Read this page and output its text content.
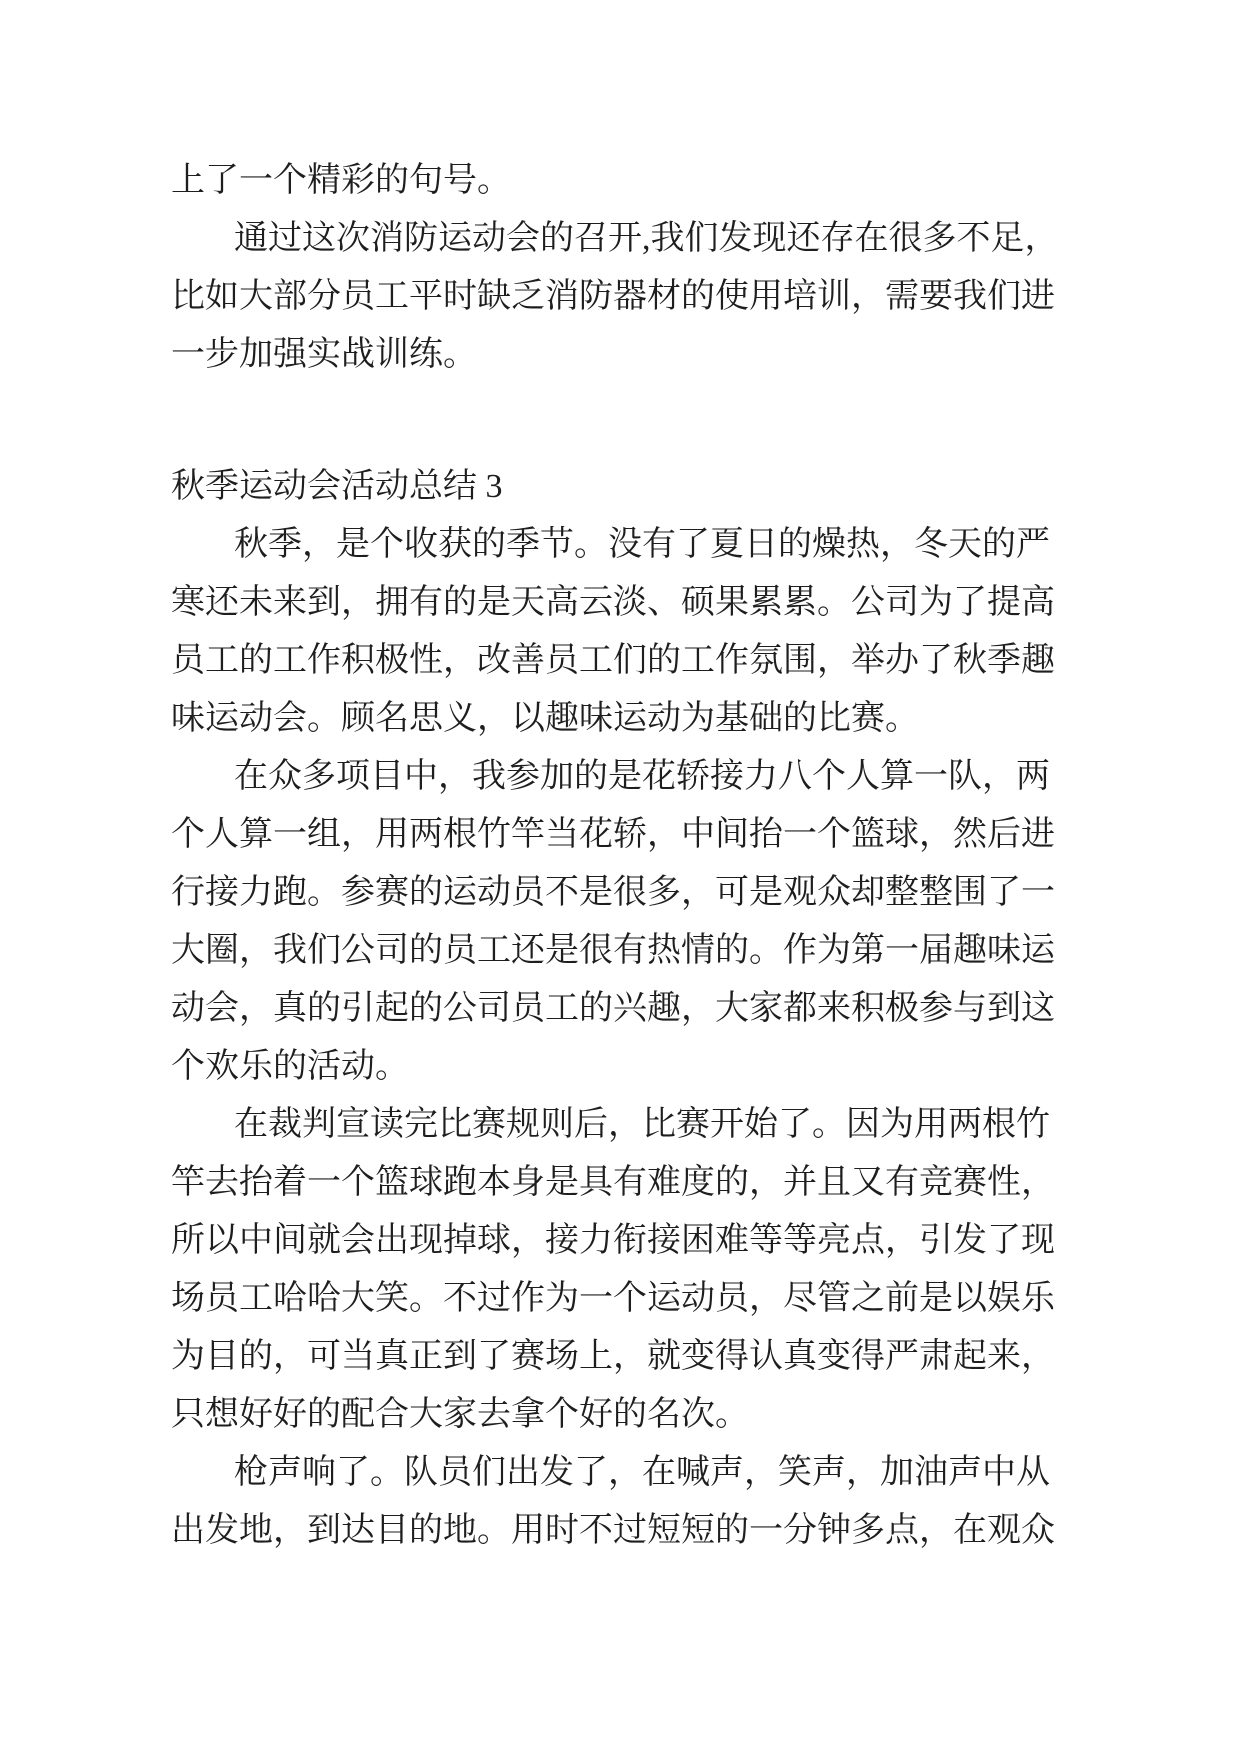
上了一个精彩的句号。
通过这次消防运动会的召开,我们发现还存在很多不足，
比如大部分员工平时缺乏消防器材的使用培训，需要我们进
一步加强实战训练。
秋季运动会活动总结 3
秋季，是个收获的季节。没有了夏日的燥热，冬天的严
寒还未来到，拥有的是天高云淡、硕果累累。公司为了提高
员工的工作积极性，改善员工们的工作氛围，举办了秋季趣
味运动会。顾名思义，以趣味运动为基础的比赛。
在众多项目中，我参加的是花轿接力八个人算一队，两
个人算一组，用两根竹竿当花轿，中间抬一个篮球，然后进
行接力跑。参赛的运动员不是很多，可是观众却整整围了一
大圈，我们公司的员工还是很有热情的。作为第一届趣味运
动会，真的引起的公司员工的兴趣，大家都来积极参与到这
个欢乐的活动。
在裁判宣读完比赛规则后，比赛开始了。因为用两根竹
竿去抬着一个篮球跑本身是具有难度的，并且又有竞赛性，
所以中间就会出现掉球，接力衔接困难等等亮点，引发了现
场员工哈哈大笑。不过作为一个运动员，尽管之前是以娱乐
为目的，可当真正到了赛场上，就变得认真变得严肃起来，
只想好好的配合大家去拿个好的名次。
枪声响了。队员们出发了，在喊声，笑声，加油声中从
出发地，到达目的地。用时不过短短的一分钟多点，在观众
